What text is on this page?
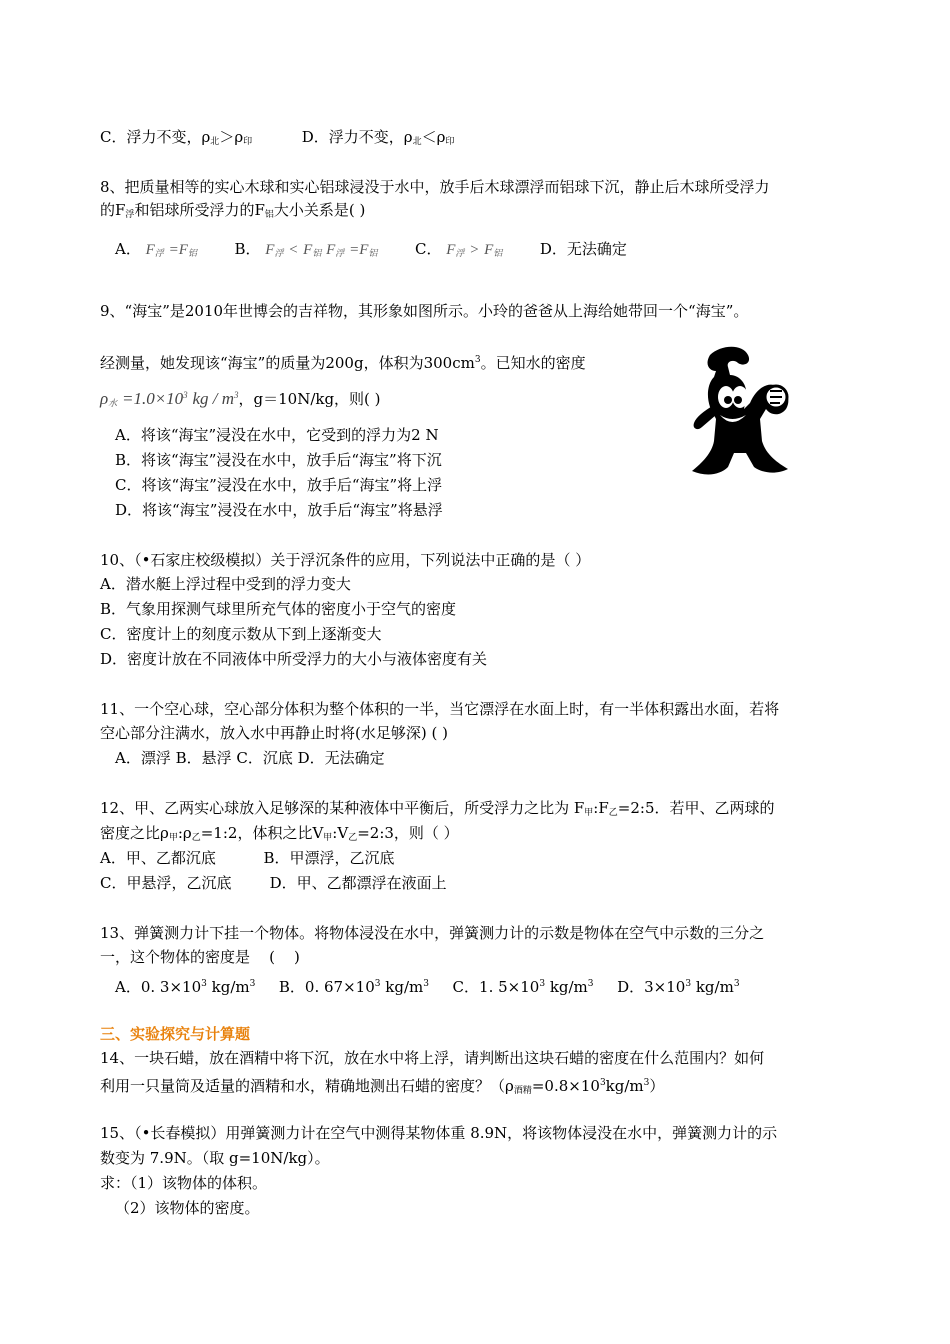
C．浮力不变，$\rho_北>\rho_印$	D．浮力不变，$\rho_北<\rho_印$
8、把质量相等的实心木球和实心铝球浸没于水中，放手后木球漂浮而铝球下沉，静止后木球所受浮力
的$F_浮$和铝球所受浮力的$F_铝$大小关系是( )
A． $F_浮 =F_铝$	B． $F_浮 < F_铝$ $F_浮 =F_铝$	C． $F_浮 > F_铝$	D．无法确定
9、“海宝”是2010年世博会的吉祥物，其形象如图所示。小玲的爸爸从上海给她带回一个“海宝”。
经测量，她发现该“海宝”的质量为200g，体积为$300cm^3$。已知水的密度
$\rho_水 =1.0\times 10^3$ kg / $m^3$，g＝10N/kg，则( )
A．将该“海宝”浸没在水中，它受到的浮力为2 N
B．将该“海宝”浸没在水中，放手后“海宝”将下沉
C．将该“海宝”浸没在水中，放手后“海宝”将上浮
D．将该“海宝”浸没在水中，放手后“海宝”将悬浮
10、（•石家庄校级模拟）关于浮沉条件的应用，下列说法中正确的是（ ）
A．潜水艇上浮过程中受到的浮力变大
B．气象用探测气球里所充气体的密度小于空气的密度
C．密度计上的刻度示数从下到上逐渐变大
D．密度计放在不同液体中所受浮力的大小与液体密度有关
11、一个空心球，空心部分体积为整个体积的一半，当它漂浮在水面上时，有一半体积露出水面，若将
空心部分注满水，放入水中再静止时将(水足够深) ( )
A．漂浮 B．悬浮 C．沉底 D．无法确定
12、甲、乙两实心球放入足够深的某种液体中平衡后，所受浮力之比为 $F_甲:F_乙=2:5$．若甲、乙两球的
密度之比$\rho_甲:\rho_乙=1:2$，体积之比$V_甲:V_乙=2:3$，则（ ）
A．甲、乙都沉底          B．甲漂浮，乙沉底
C．甲悬浮，乙沉底        D．甲、乙都漂浮在液面上
13、弹簧测力计下挂一个物体。将物体浸没在水中，弹簧测力计的示数是物体在空气中示数的三分之
一，这个物体的密度是    (    )
A．0. $3\times 10^3$ $kg/m^3$ B．0. $67\times 10^3$ $kg/m^3$ C．1. $5\times 10^3$ $kg/m^3$ D．$3\times 10^3$ $kg/m^3$
三、实验探究与计算题
14、一块石蜡，放在酒精中将下沉，放在水中将上浮，请判断出这块石蜡的密度在什么范围内？如何
利用一只量筒及适量的酒精和水，精确地测出石蜡的密度？$(\rho_{酒精}=0.8\times 10^3kg/m^3)$
15、（•长春模拟）用弹簧测力计在空气中测得某物体重 8.9N，将该物体浸没在水中，弹簧测力计的示
数变为 7.9N。（取 g=10N/kg）。
求：（1）该物体的体积。
（2）该物体的密度。
